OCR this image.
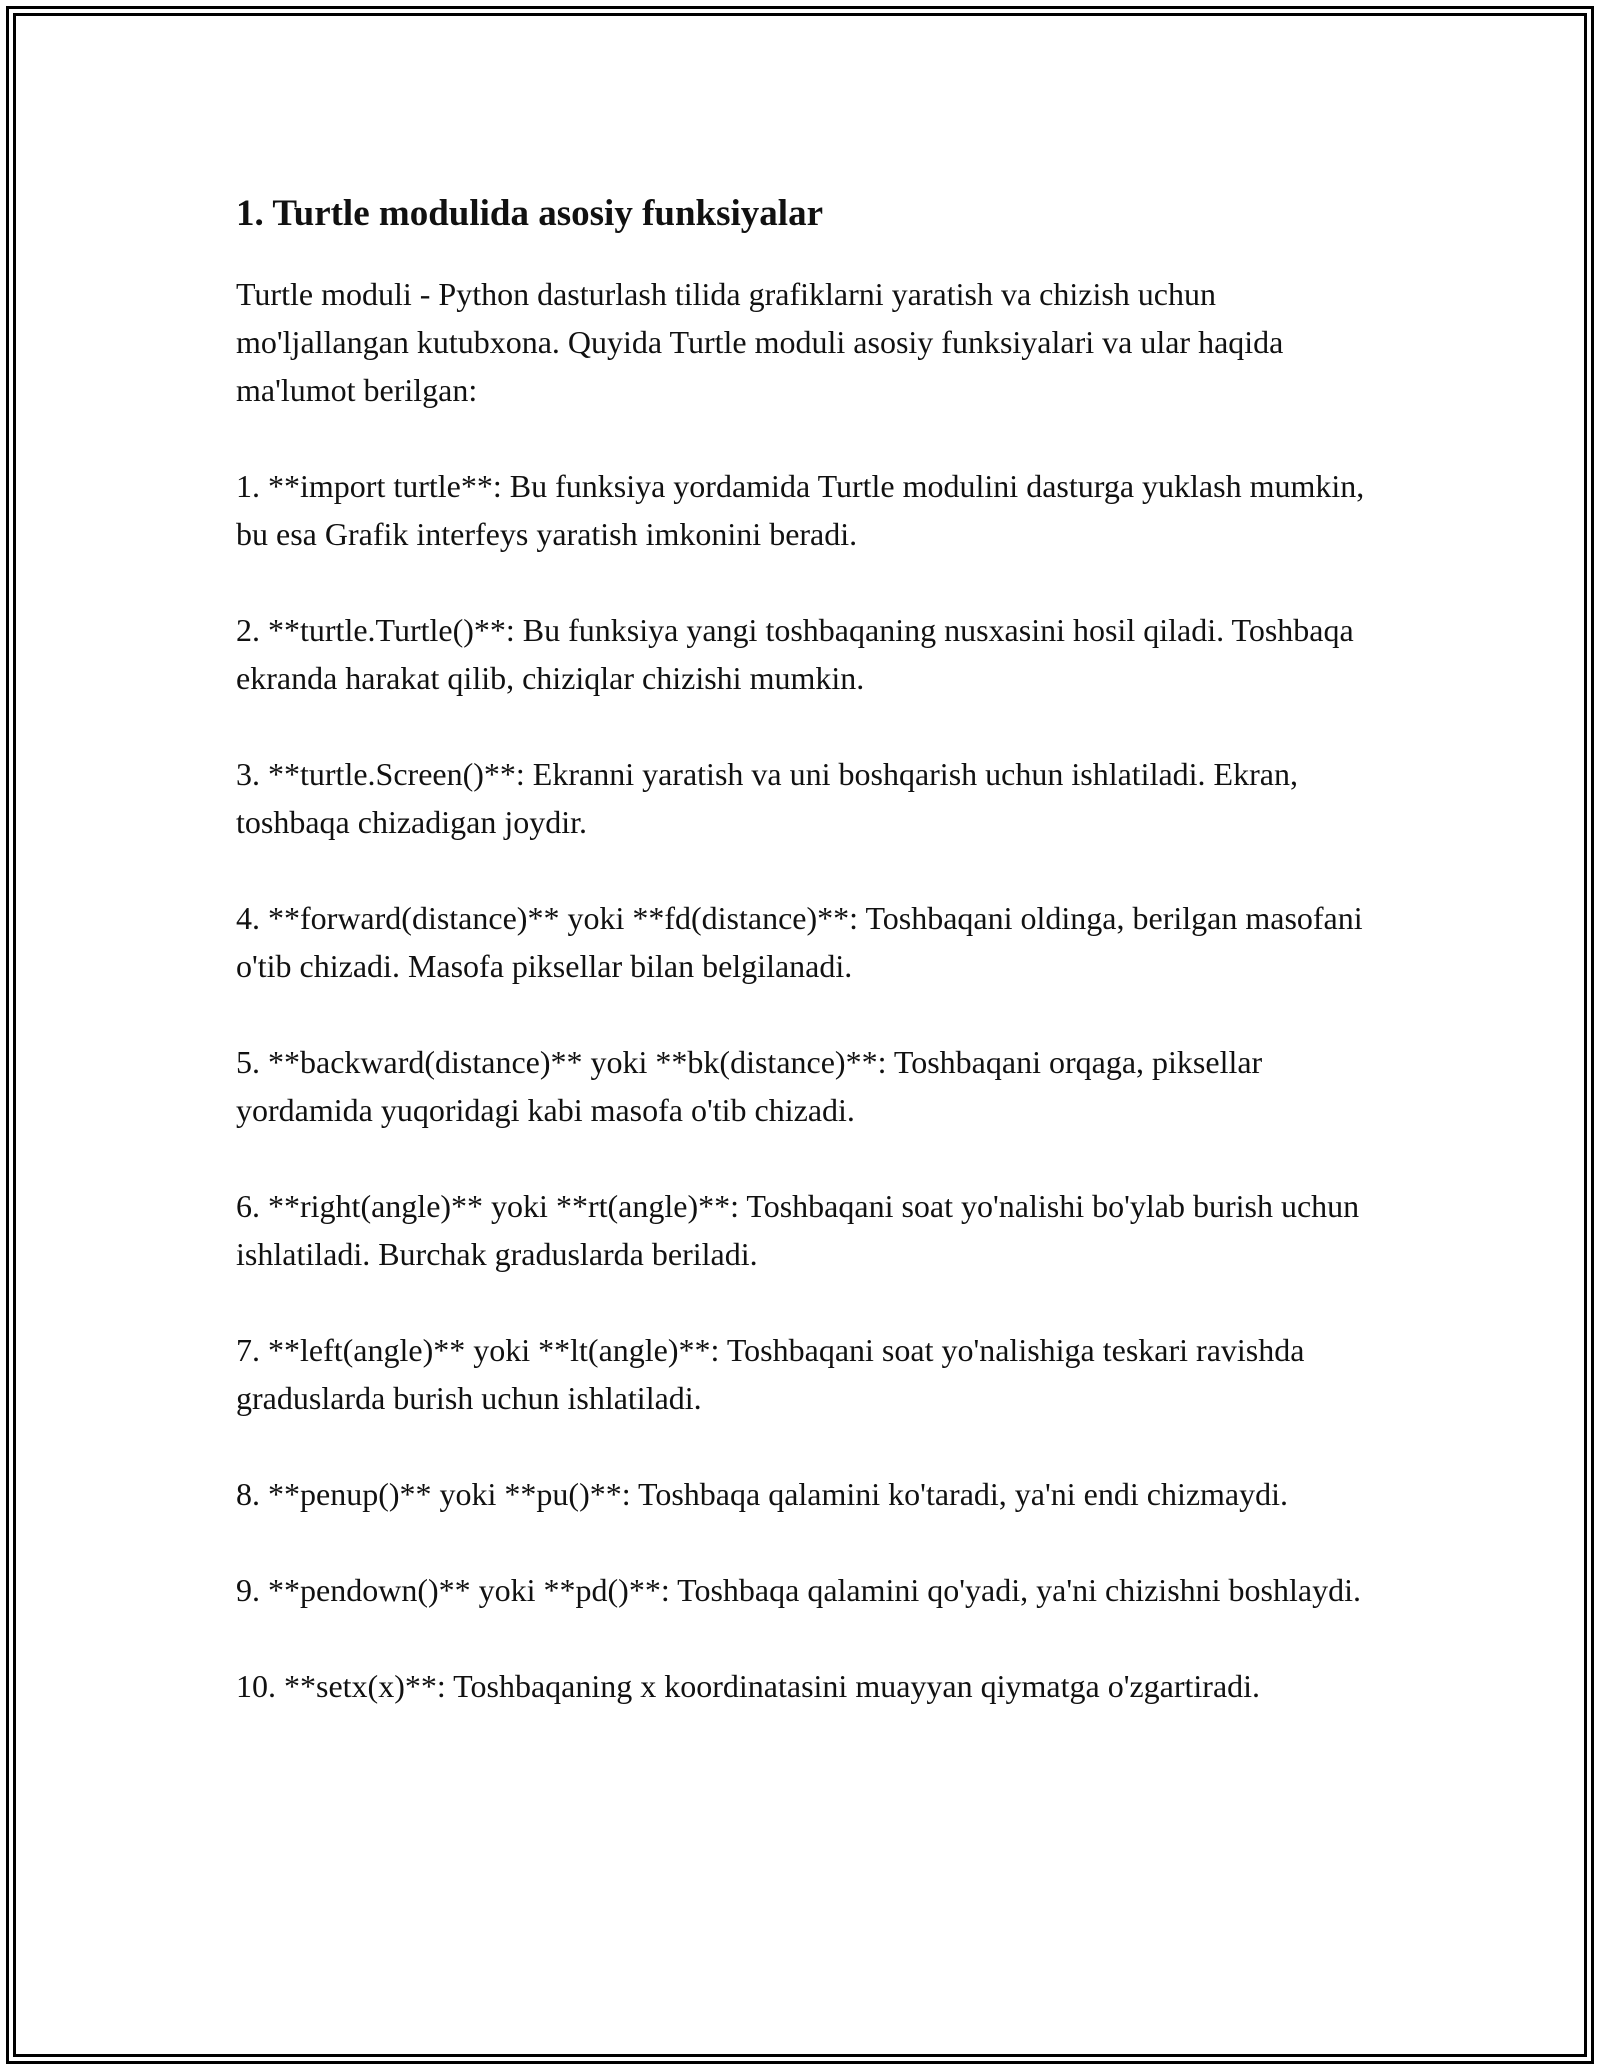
1. Turtle modulida asosiy funksiyalar

Turtle moduli - Python dasturlash tilida grafiklarni yaratish va chizish uchun mo'ljallangan kutubxona. Quyida Turtle moduli asosiy funksiyalari va ular haqida ma'lumot berilgan:

1. **import turtle**: Bu funksiya yordamida Turtle modulini dasturga yuklash mumkin, bu esa Grafik interfeys yaratish imkonini beradi.

2. **turtle.Turtle()**: Bu funksiya yangi toshbaqaning nusxasini hosil qiladi. Toshbaqa ekranda harakat qilib, chiziqlar chizishi mumkin.

3. **turtle.Screen()**: Ekranni yaratish va uni boshqarish uchun ishlatiladi. Ekran, toshbaqa chizadigan joydir.

4. **forward(distance)** yoki **fd(distance)**: Toshbaqani oldinga, berilgan masofani o'tib chizadi. Masofa piksellar bilan belgilanadi.

5. **backward(distance)** yoki **bk(distance)**: Toshbaqani orqaga, piksellar yordamida yuqoridagi kabi masofa o'tib chizadi.

6. **right(angle)** yoki **rt(angle)**: Toshbaqani soat yo'nalishi bo'ylab burish uchun ishlatiladi. Burchak graduslarda beriladi.

7. **left(angle)** yoki **lt(angle)**: Toshbaqani soat yo'nalishiga teskari ravishda graduslarda burish uchun ishlatiladi.

8. **penup()** yoki **pu()**: Toshbaqa qalamini ko'taradi, ya'ni endi chizmaydi.

9. **pendown()** yoki **pd()**: Toshbaqa qalamini qo'yadi, ya'ni chizishni boshlaydi.

10. **setx(x)**: Toshbaqaning x koordinatasini muayyan qiymatga o'zgartiradi.
